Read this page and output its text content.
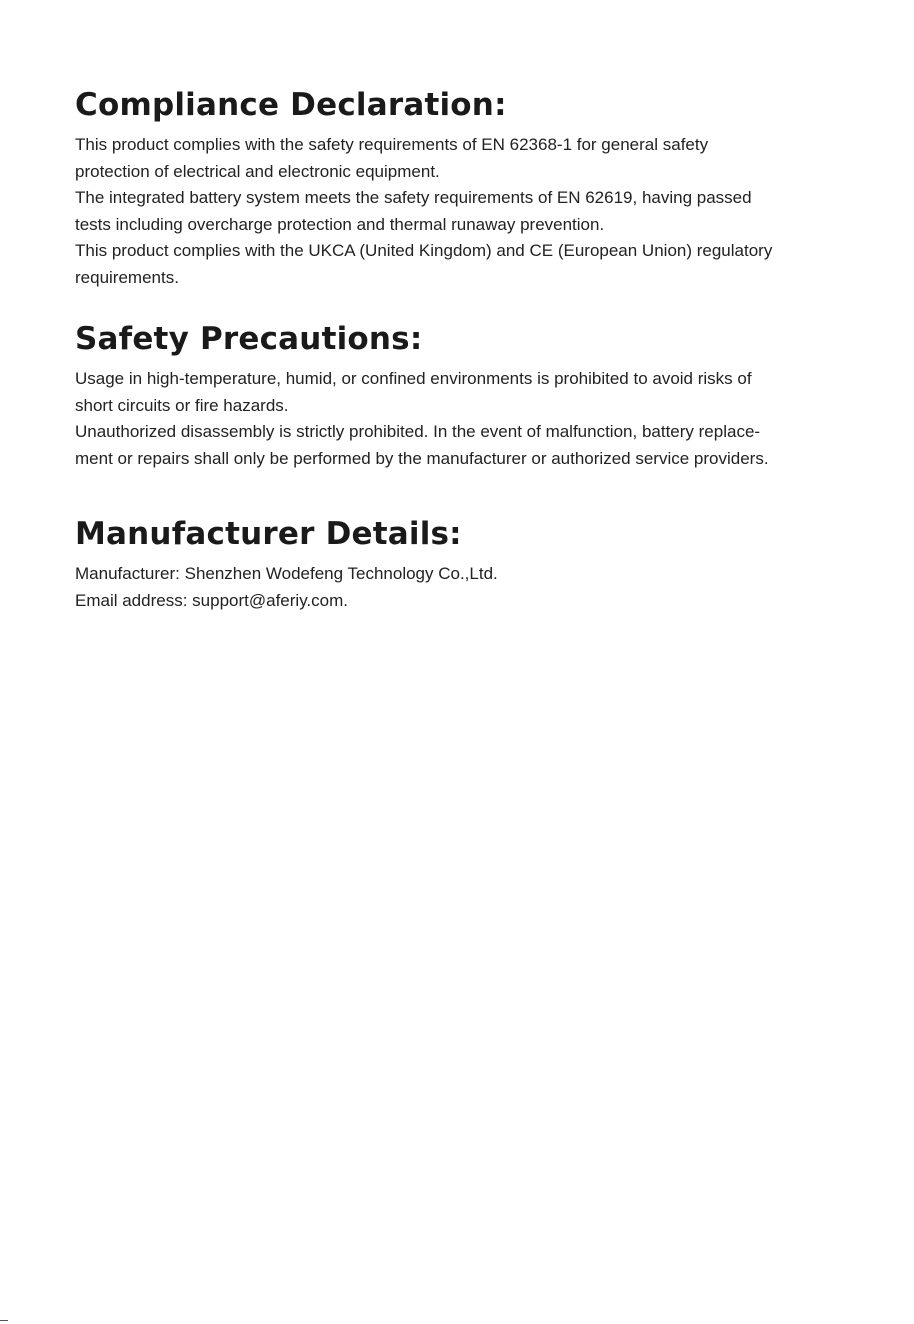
Compliance Declaration:

This product complies with the safety requirements of EN 62368-1 for general safety
protection of electrical and electronic equipment.
The integrated battery system meets the safety requirements of EN 62619, having passed
tests including overcharge protection and thermal runaway prevention.
This product complies with the UKCA (United Kingdom) and CE (European Union) regulatory
requirements.

Safety Precautions:

Usage in high-temperature, humid, or confined environments is prohibited to avoid risks of
short circuits or fire hazards.
Unauthorized disassembly is strictly prohibited. In the event of malfunction, battery replace-
ment or repairs shall only be performed by the manufacturer or authorized service providers.

Manufacturer Details:

Manufacturer: Shenzhen Wodefeng Technology Co.,Ltd.
Email address: support@aferiy.com.
